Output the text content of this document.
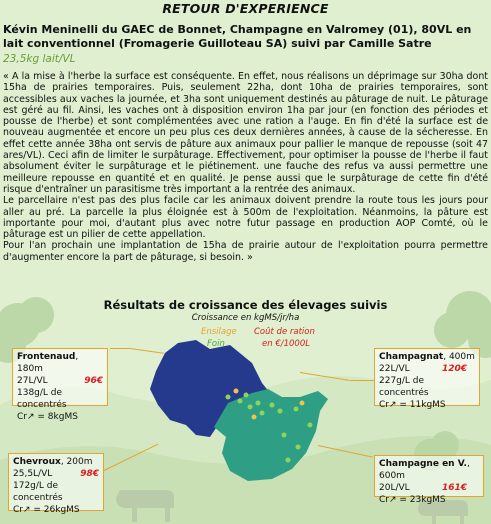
RETOUR D'EXPERIENCE
Kévin Meninelli du GAEC de Bonnet, Champagne en Valromey (01), 80VL en lait conventionnel (Fromagerie Guilloteau SA) suivi par Camille Satre
23,5kg lait/VL

« A la mise à l'herbe la surface est conséquente. En effet, nous réalisons un déprimage sur 30ha dont 15ha de prairies temporaires. Puis, seulement 22ha, dont 10ha de prairies temporaires, sont accessibles aux vaches la journée, et 3ha sont uniquement destinés au pâturage de nuit. Le pâturage est géré au fil. Ainsi, les vaches ont à disposition environ 1ha par jour (en fonction des périodes et pousse de l'herbe) et sont complémentées avec une ration a l'auge. En fin d'été la surface est de nouveau augmentée et encore un peu plus ces deux dernières années, à cause de la sécheresse. En effet cette année 38ha ont servis de pâture aux animaux pour pallier le manque de repousse (soit 47 ares/VL). Ceci afin de limiter le surpâturage. Effectivement, pour optimiser la pousse de l'herbe il faut absolument éviter le surpâturage et le piétinement. une fauche des refus va aussi permettre une meilleure repousse en quantité et en qualité. Je pense aussi que le surpâturage de cette fin d'été risque d'entraîner un parasitisme très important a la rentrée des animaux.

Le parcellaire n'est pas des plus facile car les animaux doivent prendre la route tous les jours pour aller au pré. La parcelle la plus éloignée est à 500m de l'exploitation. Néanmoins, la pâture est importante pour moi, d'autant plus avec notre futur passage en production AOP Comté, où le pâturage est un pilier de cette appellation.

Pour l'an prochain une implantation de 15ha de prairie autour de l'exploitation pourra permettre d'augmenter encore la part de pâturage, si besoin. »

Résultats de croissance des élevages suivis
Croissance en kgMS/jr/ha
Ensilage
Foin
Coût de ration
en €/1000L
Frontenaud, 180m
27L/VL	96€
138g/L de concentrés
Cr↗ = 8kgMS
Champagnat, 400m
22L/VL	120€
227g/L de concentrés
Cr↗ = 11kgMS
Chevroux, 200m
25,5L/VL	98€
172g/L de concentrés
Cr↗ = 26kgMS
Champagne en V., 600m
20L/VL	161€
Cr↗ = 23kgMS
